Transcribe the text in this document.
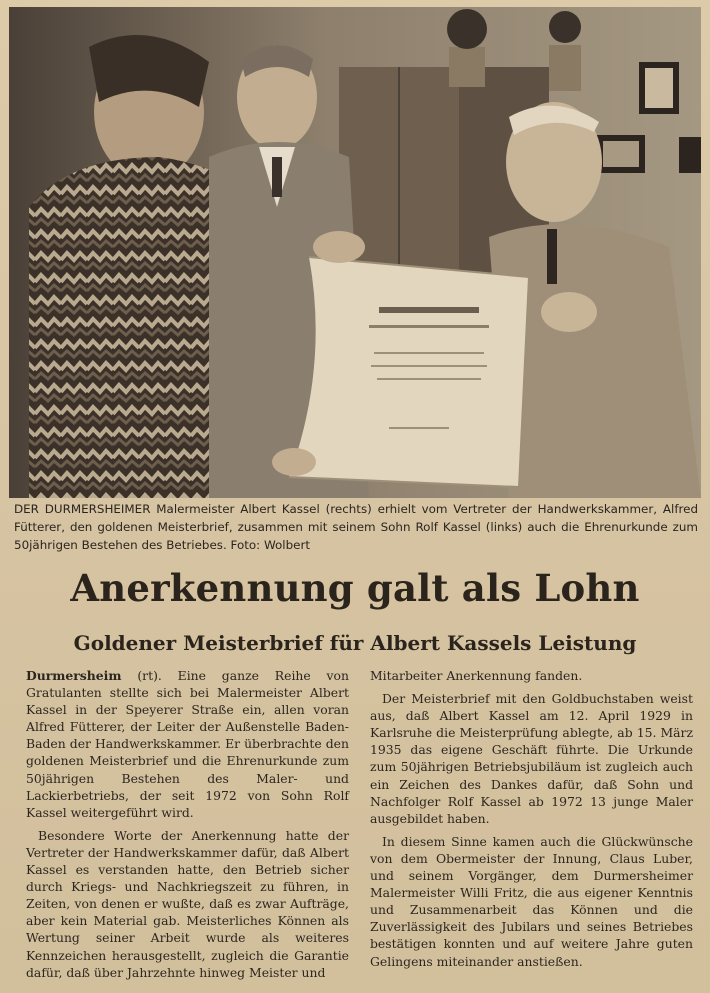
DER DURMERSHEIMER Malermeister Albert Kassel (rechts) erhielt vom Vertreter der Handwerkskammer, Alfred Fütterer, den goldenen Meisterbrief, zusammen mit seinem Sohn Rolf Kassel (links) auch die Ehrenurkunde zum 50jährigen Bestehen des Betriebes. Foto: Wolbert
Anerkennung galt als Lohn
Goldener Meisterbrief für Albert Kassels Leistung

Durmersheim (rt). Eine ganze Reihe von Gratulanten stellte sich bei Malermeister Albert Kassel in der Speyerer Straße ein, allen voran Alfred Fütterer, der Leiter der Außenstelle Baden-Baden der Handwerkskammer. Er überbrachte den goldenen Meisterbrief und die Ehrenurkunde zum 50jährigen Bestehen des Maler- und Lackierbetriebs, der seit 1972 von Sohn Rolf Kassel weitergeführt wird.

Besondere Worte der Anerkennung hatte der Vertreter der Handwerkskammer dafür, daß Albert Kassel es verstanden hatte, den Betrieb sicher durch Kriegs- und Nachkriegszeit zu führen, in Zeiten, von denen er wußte, daß es zwar Aufträge, aber kein Material gab. Meisterliches Können als Wertung seiner Arbeit wurde als weiteres Kennzeichen herausgestellt, zugleich die Garantie dafür, daß über Jahrzehnte hinweg Meister und

Mitarbeiter Anerkennung fanden.

Der Meisterbrief mit den Goldbuchstaben weist aus, daß Albert Kassel am 12. April 1929 in Karlsruhe die Meisterprüfung ablegte, ab 15. März 1935 das eigene Geschäft führte. Die Urkunde zum 50jährigen Betriebsjubiläum ist zugleich auch ein Zeichen des Dankes dafür, daß Sohn und Nachfolger Rolf Kassel ab 1972 13 junge Maler ausgebildet haben.

In diesem Sinne kamen auch die Glückwünsche von dem Obermeister der Innung, Claus Luber, und seinem Vorgänger, dem Durmersheimer Malermeister Willi Fritz, die aus eigener Kenntnis und Zusammenarbeit das Können und die Zuverlässigkeit des Jubilars und seines Betriebes bestätigen konnten und auf weitere Jahre guten Gelingens miteinander anstießen.
